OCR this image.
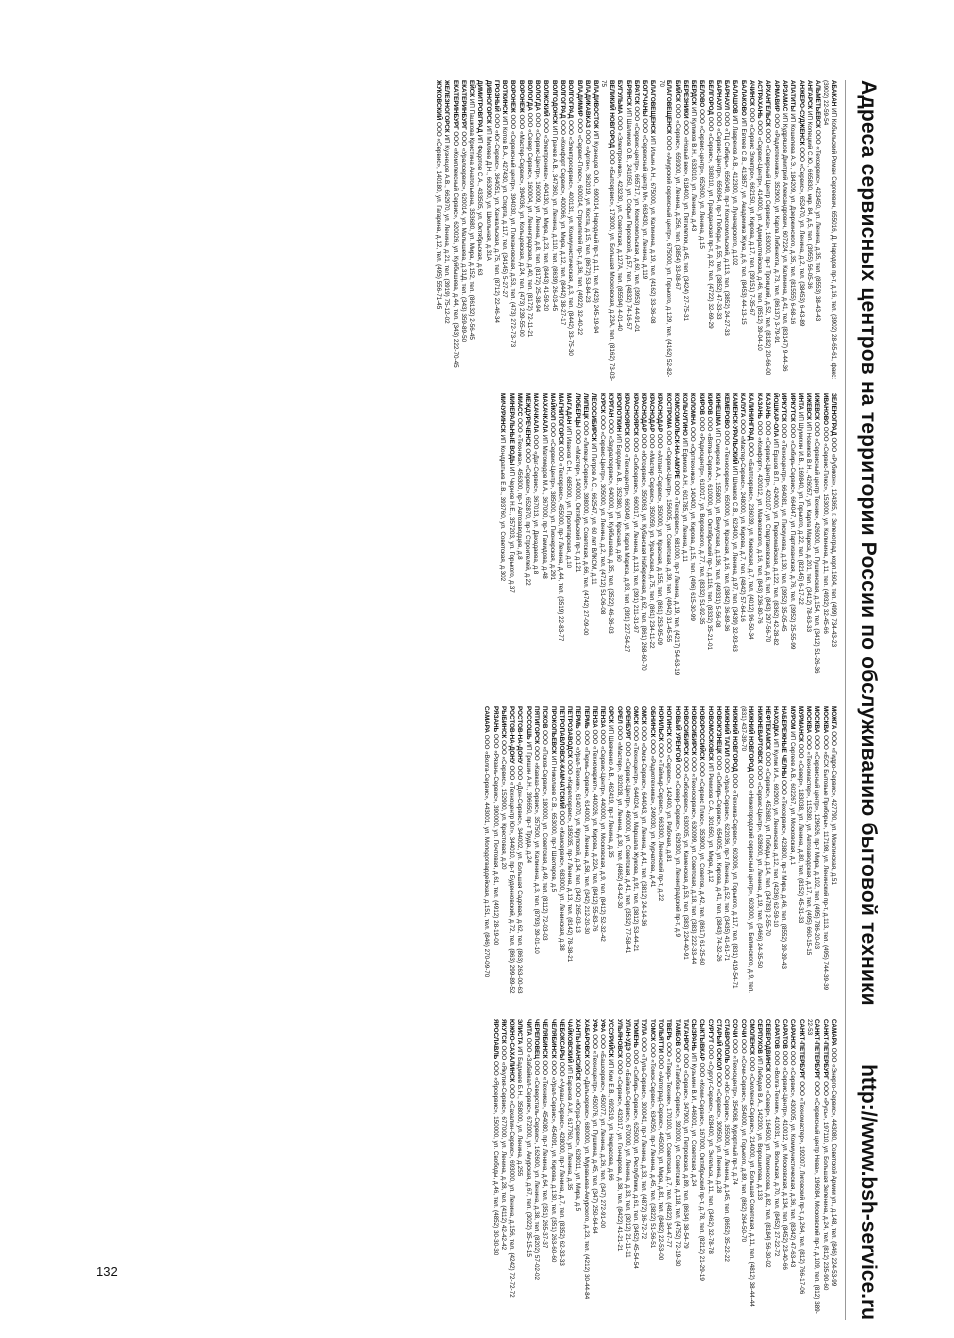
Адреса сервисных центров на территории России по обслуживанию бытовой техники
http://www.bsh-service.ru

АБАКАН ИП Кобыльский Роман Сергеевич, 655016, Д. Народов пр-т, д.16, тел. (3902) 28-65-61, факс: (3902) 22-59-54

АЛЬМЕТЬЕВСК ООО «Техсервис», 423450, ул. Ленина, д.35, тел. (8553) 38-43-43

АНГАРСК ИП Копецкий С.Ю., 665830, мкр. 84, д.5, тел. (3955) 56-05-36

АНЖЕРО-СУДЖЕНСК ООО «Сервис», 652470, ул. Ленина, д.2, тел. (38453) 6-43-89

АПАТИТЫ ИП Кошелева А.Э., 184209, ул. Дзержинского, д.35, тел. (81555) 6-68-16

АРЗАМАС ИП Кудряшов Дмитрий Александрович, 607224, ул. Калинина, д.41, тел. (83147) 9-44-36

АРМАВИР ООО «Радиотехника», 352900, ул. Карла Либкнехта, д.73, тел. (86137) 3-79-91

АРХАНГЕЛЬСК ООО «Северный Центр Сервиса», 163000, пр-т Троицкий, д.52, тел. (8182) 20-66-00

АСТРАХАНЬ ООО «Сервис-Центр», 414000, ул. Адмиралтейская, д.46, тел. (8512) 39-04-10

АЧИНСК ООО «Сервис Электро», 662150, ул. Кирова, д.17, тел. (39151) 7-35-67

БАЛАКОВО ИП Евтеев С.В., 413857, ул. Академика Жука, д.6, тел. (8453) 44-13-15

БАЛАШОВ ИП Лавренов А.В., 412300, ул. Луначарского, д.102

БАРНАУЛ ООО «ТЦ Сибирь», 656049, пр-т Комсомольский, д.113, тел. (3852) 24-27-33

БАРНАУЛ ООО «Сервис-Центр», 656064, пр-т Победы, д.55, тел. (3852) 47-33-33

БЕЛГОРОД ООО «Сервис», 308010, ул. Гражданская пр-т, д.32, тел. (4722) 32-69-29

БЕЛОВО ООО «Сервис-центр», 652600, ул. Ленина, д.15

БЕРДСК ИП Куликов В.Н., 633010, ул. Ленина, д.43

БЕРЕЗНИКИ ООО «Новый век», 618400, ул. Пятилетки, д.45, тел. (3424) 27-75-31

БИЙСК ООО «Сервис», 659300, ул. Ленина, д.256, тел. (3854) 33-08-67

БЛАГОВЕЩЕНСК ООО «Амурский сервисный центр», 675000, ул. Горького, д.129, тел. (4162) 52-82-70

БЛАГОВЕЩЕНСК ИП Ильин А.Н., 675000, ул. Калинина, д.19, тел. (4162) 33-36-08

БОГУЧАНЫ ООО «Сервисный центр М», 663430, ул. Ленина, д.119

БРАТСК ООО «Сервис-центр», 665717, ул. Комсомольская, д.60, тел. (3953) 44-91-01

БРЯНСК ИП Шалимов О.В., 241050, ул. Софьи Перовской, д.57, тел. (4832) 74-16-57

БУГУЛЬМА ООО «Электроника», 423230, ул. Советская, д.127А, тел. (85594) 4-01-40

ВЕЛИКИЙ НОВГОРОД ООО «Бытсервис», 173000, ул. Большая Московская, д.23А, тел. (8162) 73-03-75

ВЛАДИВОСТОК ИП Кузнецов О.Ю., 690014, Народный пр-т, д.11, тел. (423) 245-19-94

ВЛАДИКАВКАЗ ООО «Аргон», 362019, ул. Коста, д.15, тел. (8672) 53-84-23

ВЛАДИМИР ООО «Сервис-Плюс», 600014, Строителей пр-т, д.36, тел. (4922) 32-40-22

ВОЛГОГРАД ООО «Электросервис», 400131, ул. Коммунистическая, д.3, тел. (8442) 33-75-30

ВОЛГОГРАД ООО «Комфорт Сервис», 400066, ул. Мира, д.12, тел. (8442) 38-27-17

ВОЛГОДОНСК ИП Грачев А.В., 347360, ул. Ленина, д.110, тел. (8639) 26-03-45

ВОЛЖСКИЙ ООО «Электроника», 404130, ул. Мира, д.23, тел. (8443) 41-59-20

ВОЛОГДА ООО «Сервис-Центр», 160009, ул. Ленина, д.8, тел. (8172) 25-38-94

ВОЛОГДА ООО «Север Сервис», 160004, ул. Ленинградская, д.40, тел. (8172) 72-11-21

ВОРОНЕЖ ООО «Мастер-Сервис», 394036, ул. Кольцовская, д.24, тел. (473) 239-55-00

ВОРОНЕЖ ООО «Сервисный центр», 394030, ул. Плехановская, д.53, тел. (473) 272-73-73

ВОТКИНСК ИП Котов В.А., 427430, ул. Спорта, д.117, тел. (34145) 5-27-27

ГРОЗНЫЙ ООО «Юг-Сервис», 364051, ул. Ханкальская, д.75, тел. (8712) 22-46-34

ДИВНОГОРСК ИП Миляев Д.Н., 663090, ул. Школьная, д.31А

ДИМИТРОВГРАД ИП Федотов С.А., 433505, ул. Октябрьская, д.63

ЕЙСК ИП Пашкова Кристина Анатольевна, 353680, ул. Мира, д.152, тел. (86132) 2-56-45

ЕКАТЕРИНБУРГ ООО «Уралсервис», 620014, ул. Малышева, д.31Д, тел. (343) 359-89-50

ЕКАТЕРИНБУРГ ООО «Комплексный Сервис», 620026, ул. Куйбышева, д.44, тел. (343) 222-70-45

ЖЕЛЕЗНОГОРСК ИП Кузнецов А.В., 662970, ул. Ленина, д.21, тел. (3919) 75-12-02

ЖУКОВСКИЙ ООО «Сервис», 140180, ул. Гагарина, д.12, тел. (495) 556-71-45

ЗЕЛЕНОГРАД ООО «Рубикон», 124365, г. Зеленоград, корп.1604, тел. (499) 734-43-23

ИВАНОВО ООО «Сервис-Плюс», 153000, ул. Калинина, д.11, тел. (4932) 32-45-66

ИЖЕВСК ООО «Сервисный центр Техник», 426000, ул. Пушкинская, д.154, тел. (3412) 51-26-36

ИЖЕВСК ИП Новиков В.Н., 426057, ул. Карла Маркса, д.201, тел. (3412) 78-63-33

ИНТА ИП Шумихин И.В., 169840, ул. Горького, д.22, тел. (82145) 6-17-22

ИРКУТСК ООО «Сибирь-Сервис», 664047, ул. Партизанская, д.76, тел. (3952) 25-55-99

ИРКУТСК ООО «Техноцентр», 664081, ул. Пискунова, д.130, тел. (3952) 35-05-45

ЙОШКАР-ОЛА ИП Ершов В.П., 424000, ул. Первомайская, д.122, тел. (8362) 42-28-82

КАЗАНЬ ООО «Сервис-Центр», 420107, ул. Спартаковская, д.6, тел. (843) 297-56-70

КАЗАНЬ ООО «Комфорт», 420012, ул. Маяковского, д.16, тел. (843) 236-80-76

КАЛИНИНГРАД ООО «Балтсервис», 236039, ул. Киевская, д.7, тел. (4012) 96-50-34

КАЛУГА ООО «Мастер-Сервис», 248000, ул. Кирова, д.7, тел. (4842) 57-64-16

КАМЕНСК-УРАЛЬСКИЙ ИП Шмаков С.В., 623400, ул. Ленина, д.97, тел. (3439) 32-93-63

КЕМЕРОВО ООО «Техносервис», 650000, ул. Красная, д.16, тел. (3842) 36-89-36

КИНЕШМА ИП Смирнов А.А., 155800, ул. Вичугская, д.136, тел. (49331) 5-56-08

КИРОВ ООО «Вятка-Сервис», 610000, ул. Октябрьский пр-т, д.116, тел. (8332) 35-21-01

КИРОВ ООО «Радиоцентр», 610017, ул. Воровского, д.77, тел. (8332) 51-92-35

КОЛОМНА ООО «Оргтехника», 140400, ул. Кирова, д.15, тел. (496) 615-30-99

КОЛЬЧУГИНО ИП Ефимов А.Н., 601785, ул. Ленина, д.11

КОМСОМОЛЬСК-НА-АМУРЕ ООО «Техсервис», 681000, пр-т Ленина, д.19, тел. (4217) 54-63-19

КОСТРОМА ООО «Сервис-Центр», 156005, ул. Советская, д.39, тел. (4942) 31-45-55

КРАСНОДАР ООО «Атлант-Сервис», 350000, ул. Красная, д.155, тел. (861) 253-95-09

КРАСНОДАР ООО «Мастер Сервис», 350059, ул. Уральская, д.75, тел. (861) 234-11-22

КРАСНОДАР ООО «Югсервис», 350063, ул. Кубанская Набережная, д.62, тел. (861) 268-60-70

КРАСНОЯРСК ООО «Сибсервис», 660017, ул. Ленина, д.113, тел. (391) 211-31-97

КРАСНОЯРСК ООО «Техноцентр», 660049, ул. Карла Маркса, д.93, тел. (391) 227-54-27

КРОПОТКИН ИП Бородин А.В., 352380, ул. Красная, д.60

КУРГАН ООО «Зауралсервис», 640000, ул. Куйбышева, д.35, тел. (3522) 46-36-03

КУРСК ООО «Сервис-Центр», 305000, ул. Ленина, д.2, тел. (4712) 51-06-08

ЛЕСОСИБИРСК ИП Петров А.С., 662547, ул. 60 лет ВЛКСМ, д.11

ЛИПЕЦК ООО «Липецк-Сервис», 398000, ул. Советская, д.66, тел. (4742) 27-09-00

ЛЮБЕРЦЫ ООО «Мастер», 140000, Октябрьский пр-т, д.121

МАГАДАН ИП Иванов С.Н., 685000, ул. Пролетарская, д.10

МАГНИТОГОРСК ООО «Техсервис», 455000, пр-т Ленина, д.44, тел. (3519) 22-83-77

МАЙКОП ООО «Сервис-Центр», 385000, ул. Пионерская, д.291

МАХАЧКАЛА ИП Магомедов М.А., 367000, пр-т Гамидова, д.48

МАХАЧКАЛА ООО «Даг-Сервис», 367013, ул. Дахадаева, д.8

МЕЖДУРЕЧЕНСК ООО «Сервис», 652870, пр-т Строителей, д.22

МИАСС ООО «Техника», 456300, пр-т Автозаводцев, д.8

МИНЕРАЛЬНЫЕ ВОДЫ ИП Чернов Н.Е., 357203, ул. Горького, д.37

МИЧУРИНСК ИП Кондратьев Е.В., 393760, ул. Советская, д.302

МОЖГА ООО «Гидро-Сервис», 427790, ул. Можгинская, д.51

МОСКВА ООО «БСХ Бытовые Приборы», 117198, ул. Ленинский пр-т, д.113, тел. (495) 744-39-39

МОСКВА ООО «Сервисный центр», 129626, пр-т Мира, д.102, тел. (495) 786-20-03

МОСКВА ООО «Техномастер», 115280, ул. Автозаводская, д.17, тел. (495) 660-15-15

МУРМАНСК ООО «Север», 183038, ул. Ленина, д.80, тел. (8152) 45-31-33

МУРОМ ИП Сергеев А.В., 602267, ул. Московская, д.1

НАБЕРЕЖНЫЕ ЧЕЛНЫ ООО «Техсервис», 423800, пр-т Мира, д.46, тел. (8552) 39-39-43

НАХОДКА ИП Кулик И.А., 692900, ул. Ленинская, д.12, тел. (4236) 62-59-10

НЕФТЕКАМСК ООО «Сервис», 452680, ул. Победы, д.14, тел. (34783) 2-55-70

НИЖНЕВАРТОВСК ООО «Сервис-Центр», 628600, ул. Ленина, д.19, тел. (3466) 24-35-50

НИЖНИЙ НОВГОРОД ООО «Нижегородский сервисный центр», 603000, ул. Белинского, д.9, тел. (831) 437-39-70

НИЖНИЙ НОВГОРОД ООО «Техника-Сервис», 603006, ул. Горького, д.117, тел. (831) 419-54-71

НИЖНИЙ ТАГИЛ ООО «Урал-Сервис», 622036, пр-т Ленина, д.52, тел. (3435) 41-61-71

НОВОКУЗНЕЦК ООО «Сибирь-Сервис», 654005, ул. Кирова, д.41, тел. (3843) 74-32-26

НОВОМОСКОВСК ИП Ремизов С.А., 301650, ул. Мира, д.12

НОВОРОССИЙСК ООО «Сервис Плюс», 353900, ул. Советов, д.42, тел. (8617) 61-25-60

НОВОСИБИРСК ООО «Техносервис», 630099, ул. Советская, д.18, тел. (383) 222-33-44

НОВОСИБИРСК ООО «Сибсервис», 630005, ул. Каменская, д.53, тел. (383) 224-40-91

НОВЫЙ УРЕНГОЙ ООО «Север-Сервис», 629300, ул. Ленинградский пр-т, д.9

НОГИНСК ООО «Сервис», 142400, ул. Рабочая, д.81

НОРИЛЬСК ООО «Таймыр-Сервис», 663300, Ленинский пр-т, д.22

ОБНИНСК ООО «Радиотехника», 249030, ул. Курчатова, д.41

ОМСК ООО «Омск-Сервис», 644043, ул. Ленина, д.41, тел. (3812) 24-14-36

ОМСК ООО «Техноцентр», 644024, ул. Маршала Жукова, д.91, тел. (3812) 53-44-21

ОРЕНБУРГ ООО «Сервис-Центр», 460000, ул. Советская, д.41, тел. (3532) 77-58-41

ОРЕЛ ООО «Мастер», 302028, ул. Ленина, д.30, тел. (4862) 43-42-30

ОРСК ИП Шевченко А.В., 462419, пр-т Ленина, д.35

ПЕНЗА ООО «Сервис-Центр», 440000, ул. Московская, д.9, тел. (8412) 52-32-42

ПЕНЗА ООО «Техномаркет», 440026, ул. Кирова, д.22А, тел. (8412) 55-83-76

ПЕРМЬ ООО «Пермь-Сервис», 614000, ул. Ленина, д.58, тел. (342) 212-20-30

ПЕРМЬ ООО «Урал-Техник», 614070, ул. Крупской, д.34, тел. (342) 265-03-13

ПЕТРОЗАВОДСК ООО «Карелсервис», 185035, пр-т Ленина, д.13, тел. (8142) 78-38-21

ПЕТРОПАВЛОВСК-КАМЧАТСКИЙ ООО «Камсервис», 683000, ул. Ленинская, д.38

ПРОКОПЬЕВСК ИП Николаев С.В., 653000, пр-т Шахтеров, д.5

ПСКОВ ООО «Псков-Сервис», 180000, ул. Советская, д.49, тел. (8112) 72-03-03

ПЯТИГОРСК ООО «Кавказ-Сервис», 357500, ул. Калинина, д.3, тел. (8793) 39-01-10

РОССОШЬ ИП Гришин А.Н., 396650, пр-т Труда, д.24

РОСТОВ-НА-ДОНУ ООО «Дон-Сервис», 344002, ул. Большая Садовая, д.62, тел. (863) 263-00-63

РОСТОВ-НА-ДОНУ ООО «Техноцентр Юг», 344010, пр-т Буденновский, д.72, тел. (863) 299-89-52

РЫБИНСК ООО «Сервис», 152900, ул. Крестовая, д.20

РЯЗАНЬ ООО «Рязань-Сервис», 390000, ул. Почтовая, д.61, тел. (4912) 28-19-00

САМАРА ООО «Волга-Сервис», 443001, ул. Молодогвардейская, д.151, тел. (846) 270-09-70

САМАРА ООО «Энерго-Сервис», 443080, Советской Армии ул., д.148, тел. (846) 224-53-99

САНКТ-ПЕТЕРБУРГ ООО «Русь», 197110, ул. Большая Зеленина, д.24, тел. (812) 235-90-60

САНКТ-ПЕТЕРБУРГ ООО «Сервисный центр Нева», 196084, Московский пр-т, д.109, тел. (812) 389-22-53

САНКТ-ПЕТЕРБУРГ ООО «Техномастер», 192007, Лиговский пр-т, д.264, тел. (812) 766-17-06

САРАНСК ООО «Сервис», 430005, ул. Коммунистическая, д.36, тел. (8342) 47-63-43

САРАТОВ ООО «Сервис-Центр», 410012, ул. Московская, д.134, тел. (8452) 23-40-66

САРАТОВ ООО «Волга-Техник», 410031, ул. Вольская, д.70, тел. (8452) 27-22-72

СЕВЕРОДВИНСК ООО «Север», 164500, ул. Ломоносова, д.82, тел. (8184) 56-30-02

СЕРПУХОВ ИП Лебедев В.А., 142200, ул. Ворошилова, д.133

СМОЛЕНСК ООО «Смоленск-Сервис», 214000, ул. Большая Советская, д.11, тел. (4812) 38-44-44

СОЧИ ООО «Сочи-Сервис», 354000, ул. Горького, д.89, тел. (862) 264-50-70

СОЧИ ООО «Техноцентр», 354068, Курортный пр-т, д.74

СТАВРОПОЛЬ ООО «Юг-Сервис», 355000, ул. Ленина, д.145, тел. (8652) 35-22-22

СТАРЫЙ ОСКОЛ ООО «Сервис», 309500, ул. Ленина, д.28

СУРГУТ ООО «Сургут-Сервис», 628400, ул. Энгельса, д.11, тел. (3462) 32-78-78

СЫКТЫВКАР ООО «Коми-Сервис», 167000, Октябрьский пр-т, д.78, тел. (8212) 21-29-19

СЫЗРАНЬ ИП Кузьмин В.И., 446001, ул. Советская, д.24

ТАГАНРОГ ООО «Сервис», 347900, ул. Петровская, д.89, тел. (8634) 38-54-79

ТАМБОВ ООО «Тамбов-Сервис», 392000, ул. Советская, д.118, тел. (4752) 72-19-30

ТВЕРЬ ООО «Тверь-Техник», 170100, ул. Советская, д.7, тел. (4822) 34-47-77

ТОЛЬЯТТИ ООО «Автоград-Сервис», 445000, ул. Мира, д.81, тел. (8482) 22-53-00

ТОМСК ООО «Томск-Сервис», 634050, пр-т Ленина, д.45, тел. (3822) 51-56-51

ТУЛА ООО «Тула-Сервис», 300041, пр-т Ленина, д.33, тел. (4872) 36-72-72

ТЮМЕНЬ ООО «Сибирь-Сервис», 625000, ул. Республики, д.61, тел. (3452) 45-54-54

УЛАН-УДЭ ООО «Байкал-Сервис», 670000, ул. Ленина, д.33, тел. (3012) 21-11-11

УЛЬЯНОВСК ООО «Сервис», 432017, ул. Гончарова, д.38, тел. (8422) 41-21-21

УССУРИЙСК ИП Ким Е.В., 692519, ул. Некрасова, д.66

УФА ООО «Башсервис», 450077, ул. Ленина, д.26, тел. (347) 272-91-00

УФА ООО «Техноцентр», 450076, ул. Пушкина, д.45, тел. (347) 250-64-64

ХАБАРОВСК ООО «Дальсервис», 680000, ул. Муравьева-Амурского, д.23, тел. (4212) 30-44-84

ХАНТЫ-МАНСИЙСК ООО «Югра-Сервис», 628011, ул. Мира, д.5

ЧАЙКОВСКИЙ ИП Баранов А.И., 617760, ул. Ленина, д.35

ЧЕБОКСАРЫ ООО «Чуваш-Сервис», 428000, пр-т Ленина, д.7, тел. (8352) 62-33-33

ЧЕЛЯБИНСК ООО «Урал-Сервис», 454091, ул. Кирова, д.130, тел. (351) 263-60-60

ЧЕЛЯБИНСК ООО «Техника», 454080, пр-т Ленина, д.64, тел. (351) 265-37-37

ЧЕРЕПОВЕЦ ООО «Северсталь-Сервис», 162600, ул. Ленина, д.38, тел. (8202) 57-02-02

ЧИТА ООО «Забайкал-Сервис», 672000, ул. Амурская, д.67, тел. (3022) 35-15-15

ЭЛИСТА ИП Бадмаев Б.Н., 358000, ул. Ленина, д.255

ЮЖНО-САХАЛИНСК ООО «Сахалин-Сервис», 693000, ул. Ленина, д.156, тел. (4242) 72-72-72

ЯКУТСК ООО «Якутия-Сервис», 677000, ул. Ленина, д.28, тел. (4112) 42-42-42

ЯРОСЛАВЛЬ ООО «Ярсервис», 150000, ул. Свободы, д.46, тел. (4852) 30-30-30

132
